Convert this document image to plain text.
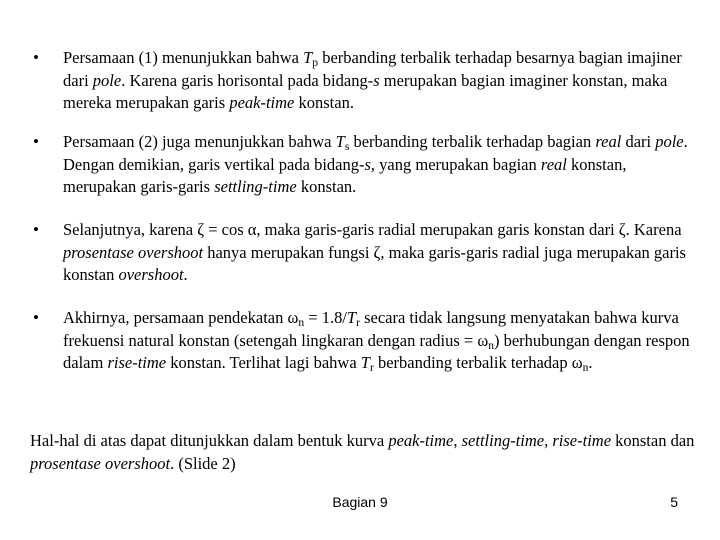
• Persamaan (1) menunjukkan bahwa $T_p$ berbanding terbalik terhadap besarnya bagian imajiner dari pole. Karena garis horisontal pada bidang-s merupakan bagian imaginer konstan, maka mereka merupakan garis peak-time konstan.

• Persamaan (2) juga menunjukkan bahwa $T_s$ berbanding terbalik terhadap bagian real dari pole. Dengan demikian, garis vertikal pada bidang-s, yang merupakan bagian real konstan, merupakan garis-garis settling-time konstan.

• Selanjutnya, karena ζ = cos α, maka garis-garis radial merupakan garis konstan dari ζ. Karena prosentase overshoot hanya merupakan fungsi ζ, maka garis-garis radial juga merupakan garis konstan overshoot.

• Akhirnya, persamaan pendekatan $\omega_n = 1.8/T_r$ secara tidak langsung menyatakan bahwa kurva frekuensi natural konstan (setengah lingkaran dengan radius = $\omega_n$) berhubungan dengan respon dalam rise-time konstan. Terlihat lagi bahwa $T_r$ berbanding terbalik terhadap $\omega_n$.

Hal-hal di atas dapat ditunjukkan dalam bentuk kurva peak-time, settling-time, rise-time konstan dan prosentase overshoot. (Slide 2)

Bagian 9	5
